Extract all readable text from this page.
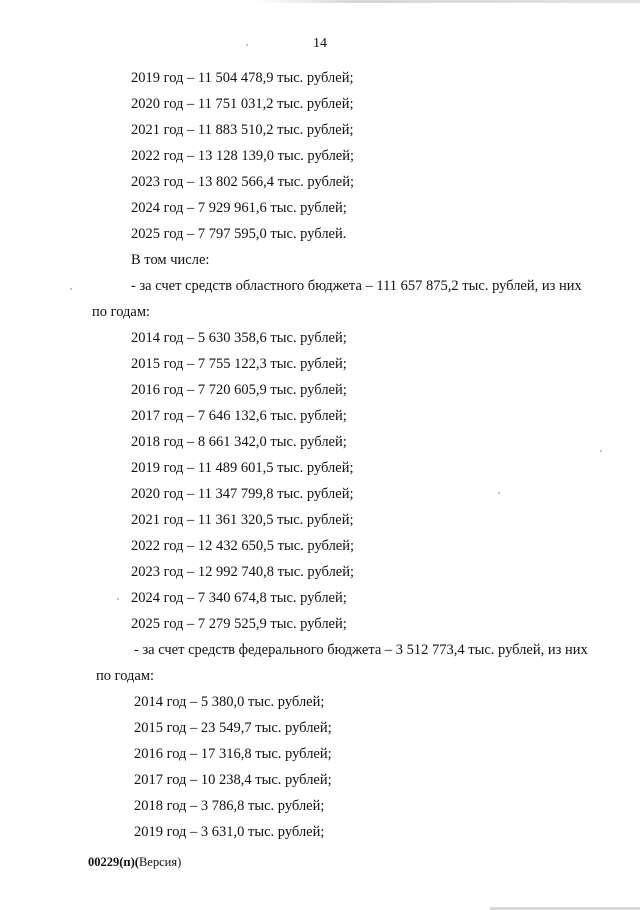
14
2019 год – 11 504 478,9 тыс. рублей;
2020 год – 11 751 031,2 тыс. рублей;
2021 год – 11 883 510,2 тыс. рублей;
2022 год – 13 128 139,0 тыс. рублей;
2023 год – 13 802 566,4 тыс. рублей;
2024 год – 7 929 961,6 тыс. рублей;
2025 год – 7 797 595,0 тыс. рублей.
В том числе:
- за счет средств областного бюджета – 111 657 875,2 тыс. рублей, из них
по годам:
2014 год – 5 630 358,6 тыс. рублей;
2015 год – 7 755 122,3 тыс. рублей;
2016 год – 7 720 605,9 тыс. рублей;
2017 год – 7 646 132,6 тыс. рублей;
2018 год – 8 661 342,0 тыс. рублей;
2019 год – 11 489 601,5 тыс. рублей;
2020 год – 11 347 799,8 тыс. рублей;
2021 год – 11 361 320,5 тыс. рублей;
2022 год – 12 432 650,5 тыс. рублей;
2023 год – 12 992 740,8 тыс. рублей;
2024 год – 7 340 674,8 тыс. рублей;
2025 год – 7 279 525,9 тыс. рублей;
- за счет средств федерального бюджета – 3 512 773,4 тыс. рублей, из них
по годам:
2014 год – 5 380,0 тыс. рублей;
2015 год – 23 549,7 тыс. рублей;
2016 год – 17 316,8 тыс. рублей;
2017 год – 10 238,4 тыс. рублей;
2018 год – 3 786,8 тыс. рублей;
2019 год – 3 631,0 тыс. рублей;
00229(п)(Версия)
